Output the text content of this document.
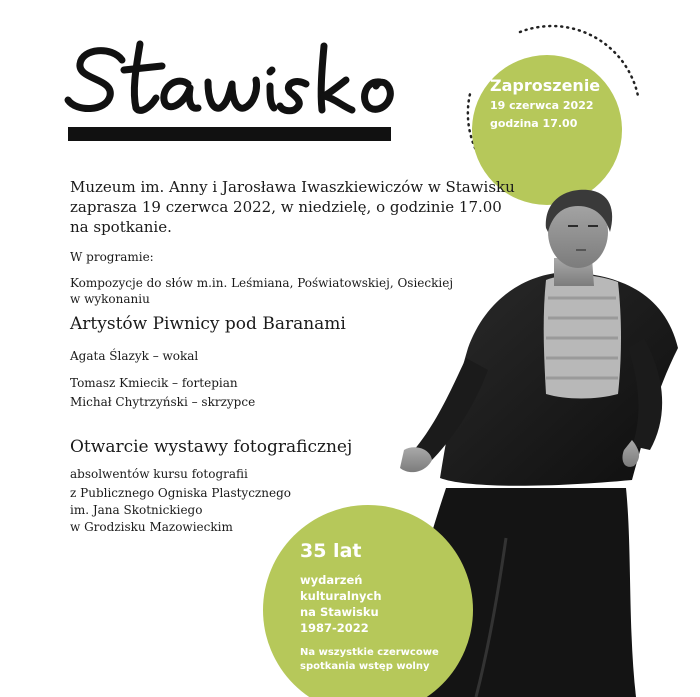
Zaproszenie
19 czerwca 2022
godzina 17.00
Muzeum im. Anny i Jarosława Iwaszkiewiczów w Stawisku
zaprasza 19 czerwca 2022, w niedzielę, o godzinie 17.00
na spotkanie.
W programie:
Kompozycje do słów m.in. Leśmiana, Poświatowskiej, Osieckiej
w wykonaniu
Artystów Piwnicy pod Baranami
Agata Ślazyk – wokal
Tomasz Kmiecik – fortepian
Michał Chytrzyński – skrzypce
Otwarcie wystawy fotograficznej
absolwentów kursu fotografii
z Publicznego Ogniska Plastycznego
im. Jana Skotnickiego
w Grodzisku Mazowieckim
35 lat
wydarzeń
kulturalnych
na Stawisku
1987-2022
Na wszystkie czerwcowe
spotkania wstęp wolny
